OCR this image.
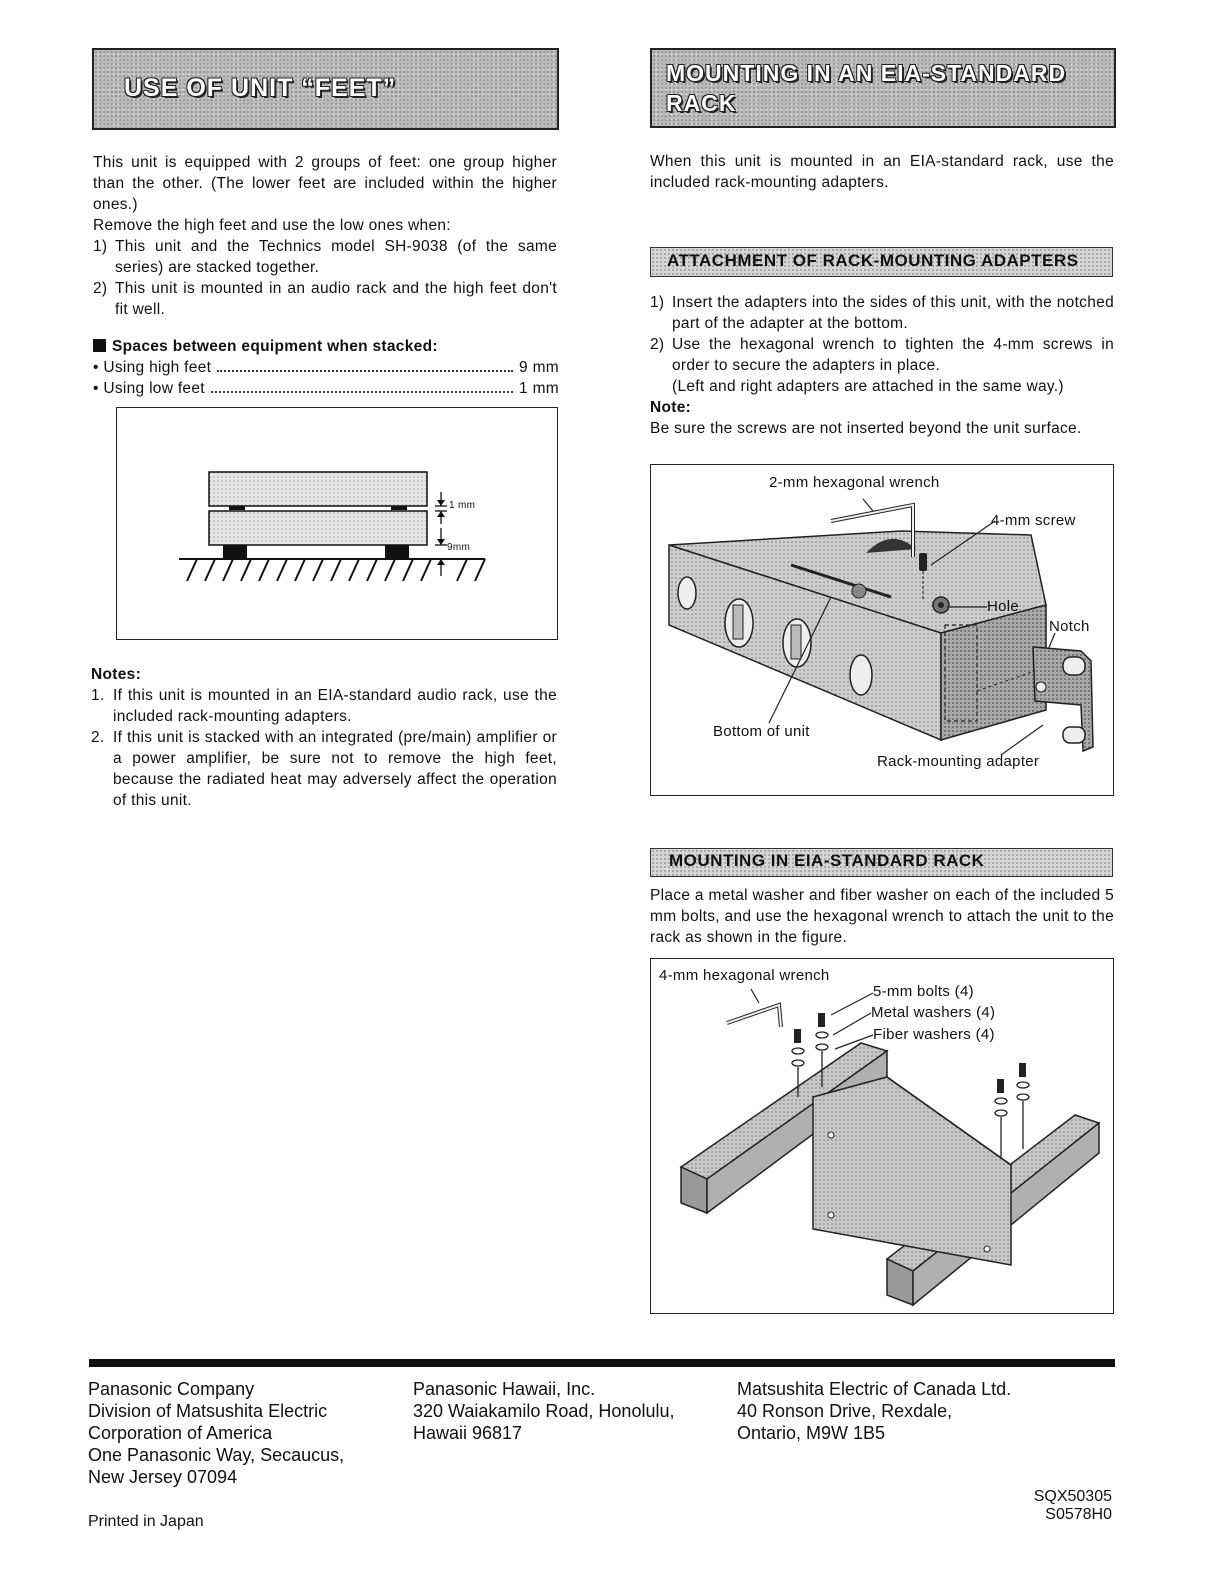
USE OF UNIT “FEET”
This unit is equipped with 2 groups of feet: one group higher than the other. (The lower feet are included within the higher ones.)
Remove the high feet and use the low ones when:
1) This unit and the Technics model SH-9038 (of the same series) are stacked together.
2) This unit is mounted in an audio rack and the high feet don't fit well.
Spaces between equipment when stacked:
• Using high feet	9 mm
• Using low feet	1 mm
1 mm
9mm
Notes:
1. If this unit is mounted in an EIA-standard audio rack, use the included rack-mounting adapters.
2. If this unit is stacked with an integrated (pre/main) amplifier or a power amplifier, be sure not to remove the high feet, because the radiated heat may adversely affect the operation of this unit.
MOUNTING IN AN EIA-STANDARD
RACK
When this unit is mounted in an EIA-standard rack, use the included rack-mounting adapters.
ATTACHMENT OF RACK-MOUNTING ADAPTERS
1) Insert the adapters into the sides of this unit, with the notched part of the adapter at the bottom.
2) Use the hexagonal wrench to tighten the 4-mm screws in order to secure the adapters in place.
(Left and right adapters are attached in the same way.)
Note:
Be sure the screws are not inserted beyond the unit surface.
2-mm hexagonal wrench
4-mm screw
Hole
Notch
Bottom of unit
Rack-mounting adapter
MOUNTING IN EIA-STANDARD RACK
Place a metal washer and fiber washer on each of the included 5 mm bolts, and use the hexagonal wrench to attach the unit to the rack as shown in the figure.
4-mm hexagonal wrench
5-mm bolts (4)
Metal washers (4)
Fiber washers (4)
Panasonic Company
Division of Matsushita Electric
Corporation of America
One Panasonic Way, Secaucus,
New Jersey 07094
Panasonic Hawaii, Inc.
320 Waiakamilo Road, Honolulu,
Hawaii 96817
Matsushita Electric of Canada Ltd.
40 Ronson Drive, Rexdale,
Ontario, M9W 1B5
Printed in Japan
SQX50305
S0578H0
